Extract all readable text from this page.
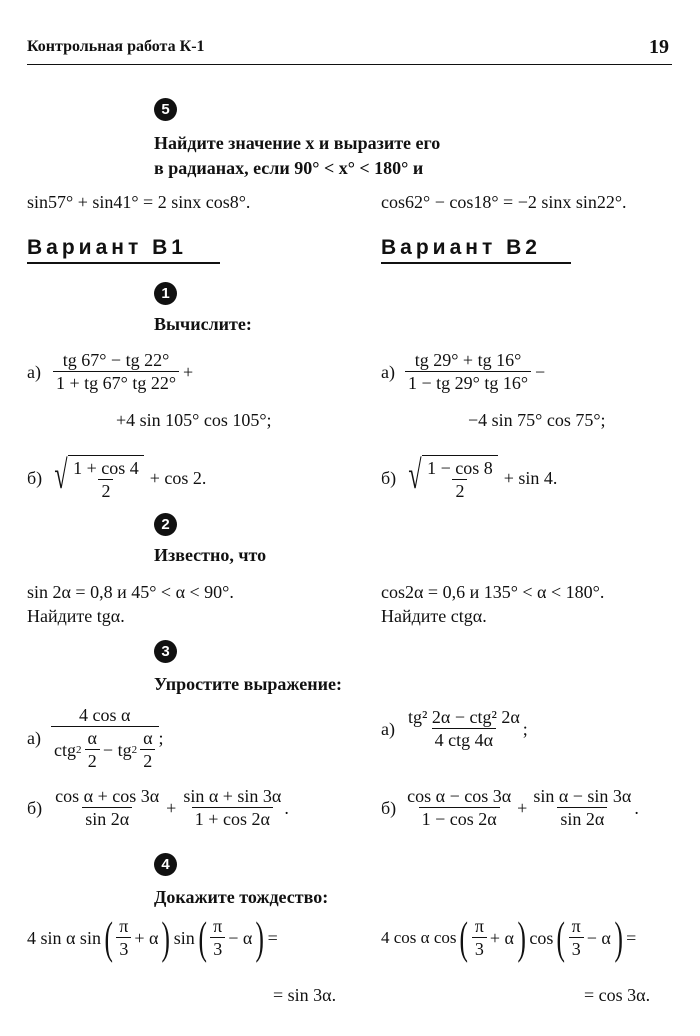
Контрольная работа К-1	19
5
Найдите значение x и выразите его
в радианах, если 90° < x° < 180° и
sin57° + sin41° = 2 sinx cos8°.	cos62° − cos18° = −2 sinx sin22°.
Вариант В1	Вариант В2
1
Вычислите:
$а) \frac{tg 67^\circ - tg 22^\circ}{1 + tg 67^\circ tg 22^\circ}$ +
+4 sin 105° cos 105°;
$а) \frac{tg 29^\circ + tg 16^\circ}{1 - tg 29^\circ tg 16^\circ}$ −
−4 sin 75° cos 75°;
б) √ $\frac{1 + \cos 4}{2} + \cos 2$.	б) √ $\frac{1 - \cos 8}{2} + \sin 4$.
2
Известно, что
sin 2α = 0,8 и 45° < α < 90°.
Найдите tgα.
cos2α = 0,6 и 135° < α < 180°.
Найдите ctgα.
3
Упростите выражение:
а)
4 cos α
ctg $2 \frac{\alpha}{2}$ − tg $2 \frac{\alpha}{2}$ ;	$а) \frac{\text{tg² 2α − ctg² 2α}}{\text{4 ctg 4α}}$ ;
$б) \frac{\text{cos α + cos 3α}}{\sin 2\alpha} + \frac{\text{sin α + sin 3α}}{1 + \cos 2\alpha}$ .	$б) \frac{\text{cos α − cos 3α}}{1 - \cos 2\alpha} + \frac{\text{sin α − sin 3α}}{\sin 2\alpha}$ .
4
Докажите тождество:
4 sin α sin ( $\frac{\pi}{3} + \alpha$ ) sin ( $\frac{\pi}{3} - \alpha$ ) =
= sin 3α.
4 cos α cos ( $\frac{\pi}{3} + \alpha$ ) cos ( $\frac{\pi}{3} - \alpha$ ) =
= cos 3α.
